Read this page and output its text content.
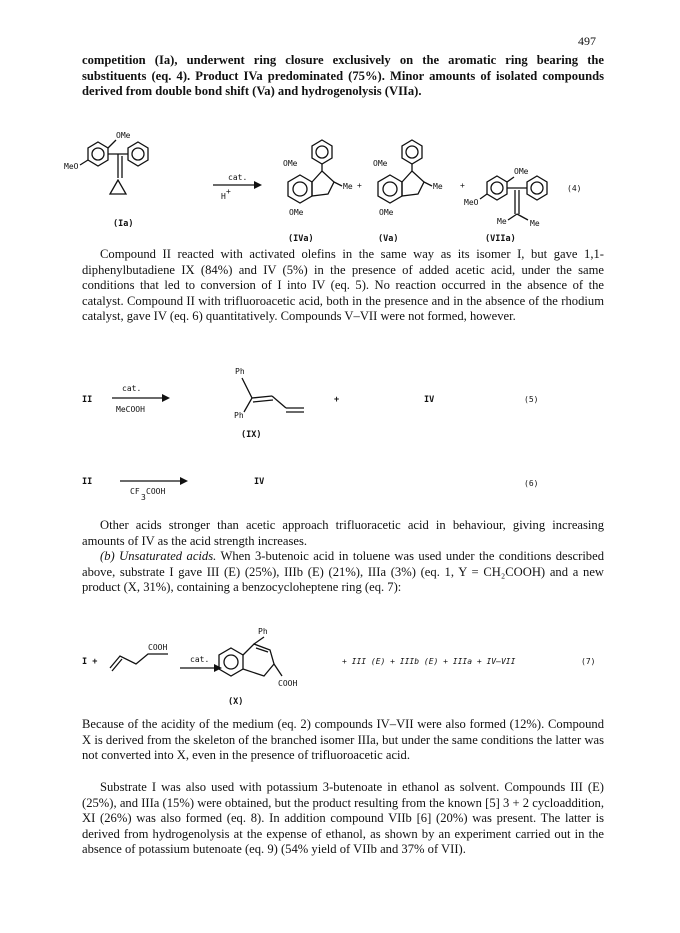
497
competition (Ia), underwent ring closure exclusively on the aromatic ring bearing the substituents (eq. 4). Product IVa predominated (75%). Minor amounts of isolated compounds derived from double bond shift (Va) and hydrogenolysis (VIIa).
MeO
OMe
(Ia)
cat.
H
+
Me
OMe
OMe
+
(IVa)
Me
OMe
OMe
+
(Va)
Me	Me
OMe
MeO
(4)
(VIIa)
Compound II reacted with activated olefins in the same way as its isomer I, but gave 1,1-diphenylbutadiene IX (84%) and IV (5%) in the presence of added acetic acid, under the same conditions that led to conversion of I into IV (eq. 5). No reaction occurred in the absence of the catalyst. Compound II with trifluoroacetic acid, both in the presence and in the absence of the rhodium catalyst, gave IV (eq. 6) quantitatively. Compounds V–VII were not formed, however.
II
cat.
MeCOOH
Ph
Ph
(IX)
+	IV	(5)
II
CF
3
COOH
IV	(6)
Other acids stronger than acetic approach trifluoracetic acid in behaviour, giving increasing amounts of IV as the acid strength increases.
(b) Unsaturated acids. When 3-butenoic acid in toluene was used under the conditions described above, substrate I gave III (E) (25%), IIIb (E) (21%), IIIa (3%) (eq. 1, Y = CH₂COOH) and a new product (X, 31%), containing a benzocycloheptene ring (eq. 7):
I +
COOH
cat.
Ph
COOH
(X)
+ III (E) + IIIb (E) + IIIa + IV–VII	(7)
Because of the acidity of the medium (eq. 2) compounds IV–VII were also formed (12%). Compound X is derived from the skeleton of the branched isomer IIIa, but under the same conditions the latter was not converted into X, even in the presence of trifluoroacetic acid.
Substrate I was also used with potassium 3-butenoate in ethanol as solvent. Compounds III (E) (25%), and IIIa (15%) were obtained, but the product resulting from the known [5] 3 + 2 cycloaddition, XI (26%) was also formed (eq. 8). In addition compound VIIb [6] (20%) was present. The latter is derived from hydrogenolysis at the expense of ethanol, as shown by an experiment carried out in the absence of potassium butenoate (eq. 9) (54% yield of VIIb and 37% of VII).
